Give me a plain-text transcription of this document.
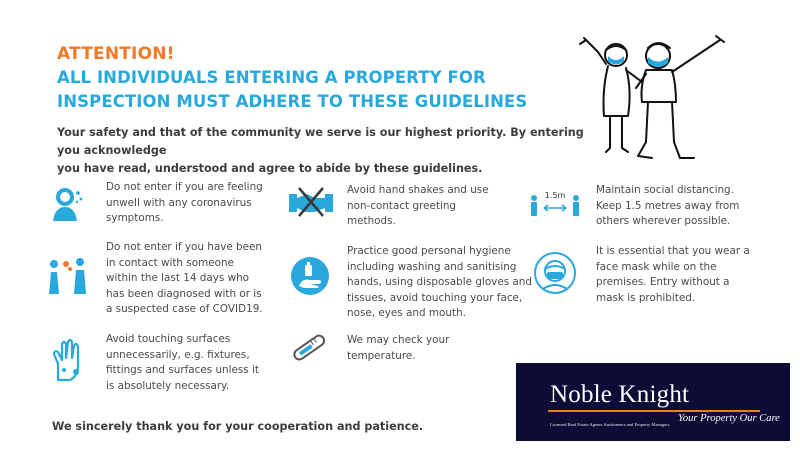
ATTENTION!
ALL INDIVIDUALS ENTERING A PROPERTY FOR
INSPECTION MUST ADHERE TO THESE GUIDELINES
Your safety and that of the community we serve is our highest priority. By entering you acknowledge
you have read, understood and agree to abide by these guidelines.
Do not enter if you are feeling
unwell with any coronavirus
symptoms.
Do not enter if you have been
in contact with someone
within the last 14 days who
has been diagnosed with or is
a suspected case of COVID19.
Avoid touching surfaces
unnecessarily, e.g. fixtures,
fittings and surfaces unless it
is absolutely necessary.
Avoid hand shakes and use
non-contact greeting
methods.
Practice good personal hygiene
including washing and sanitising
hands, using disposable gloves and
tissues, avoid touching your face,
nose, eyes and mouth.
We may check your
temperature.
1.5m	Maintain social distancing.
Keep 1.5 metres away from
others wherever possible.
It is essential that you wear a
face mask while on the
premises. Entry without a
mask is prohibited.
We sincerely thank you for your cooperation and patience.
Noble Knight
Licensed Real Estate Agents Auctioneers and Property Managers
Your Property Our Care
